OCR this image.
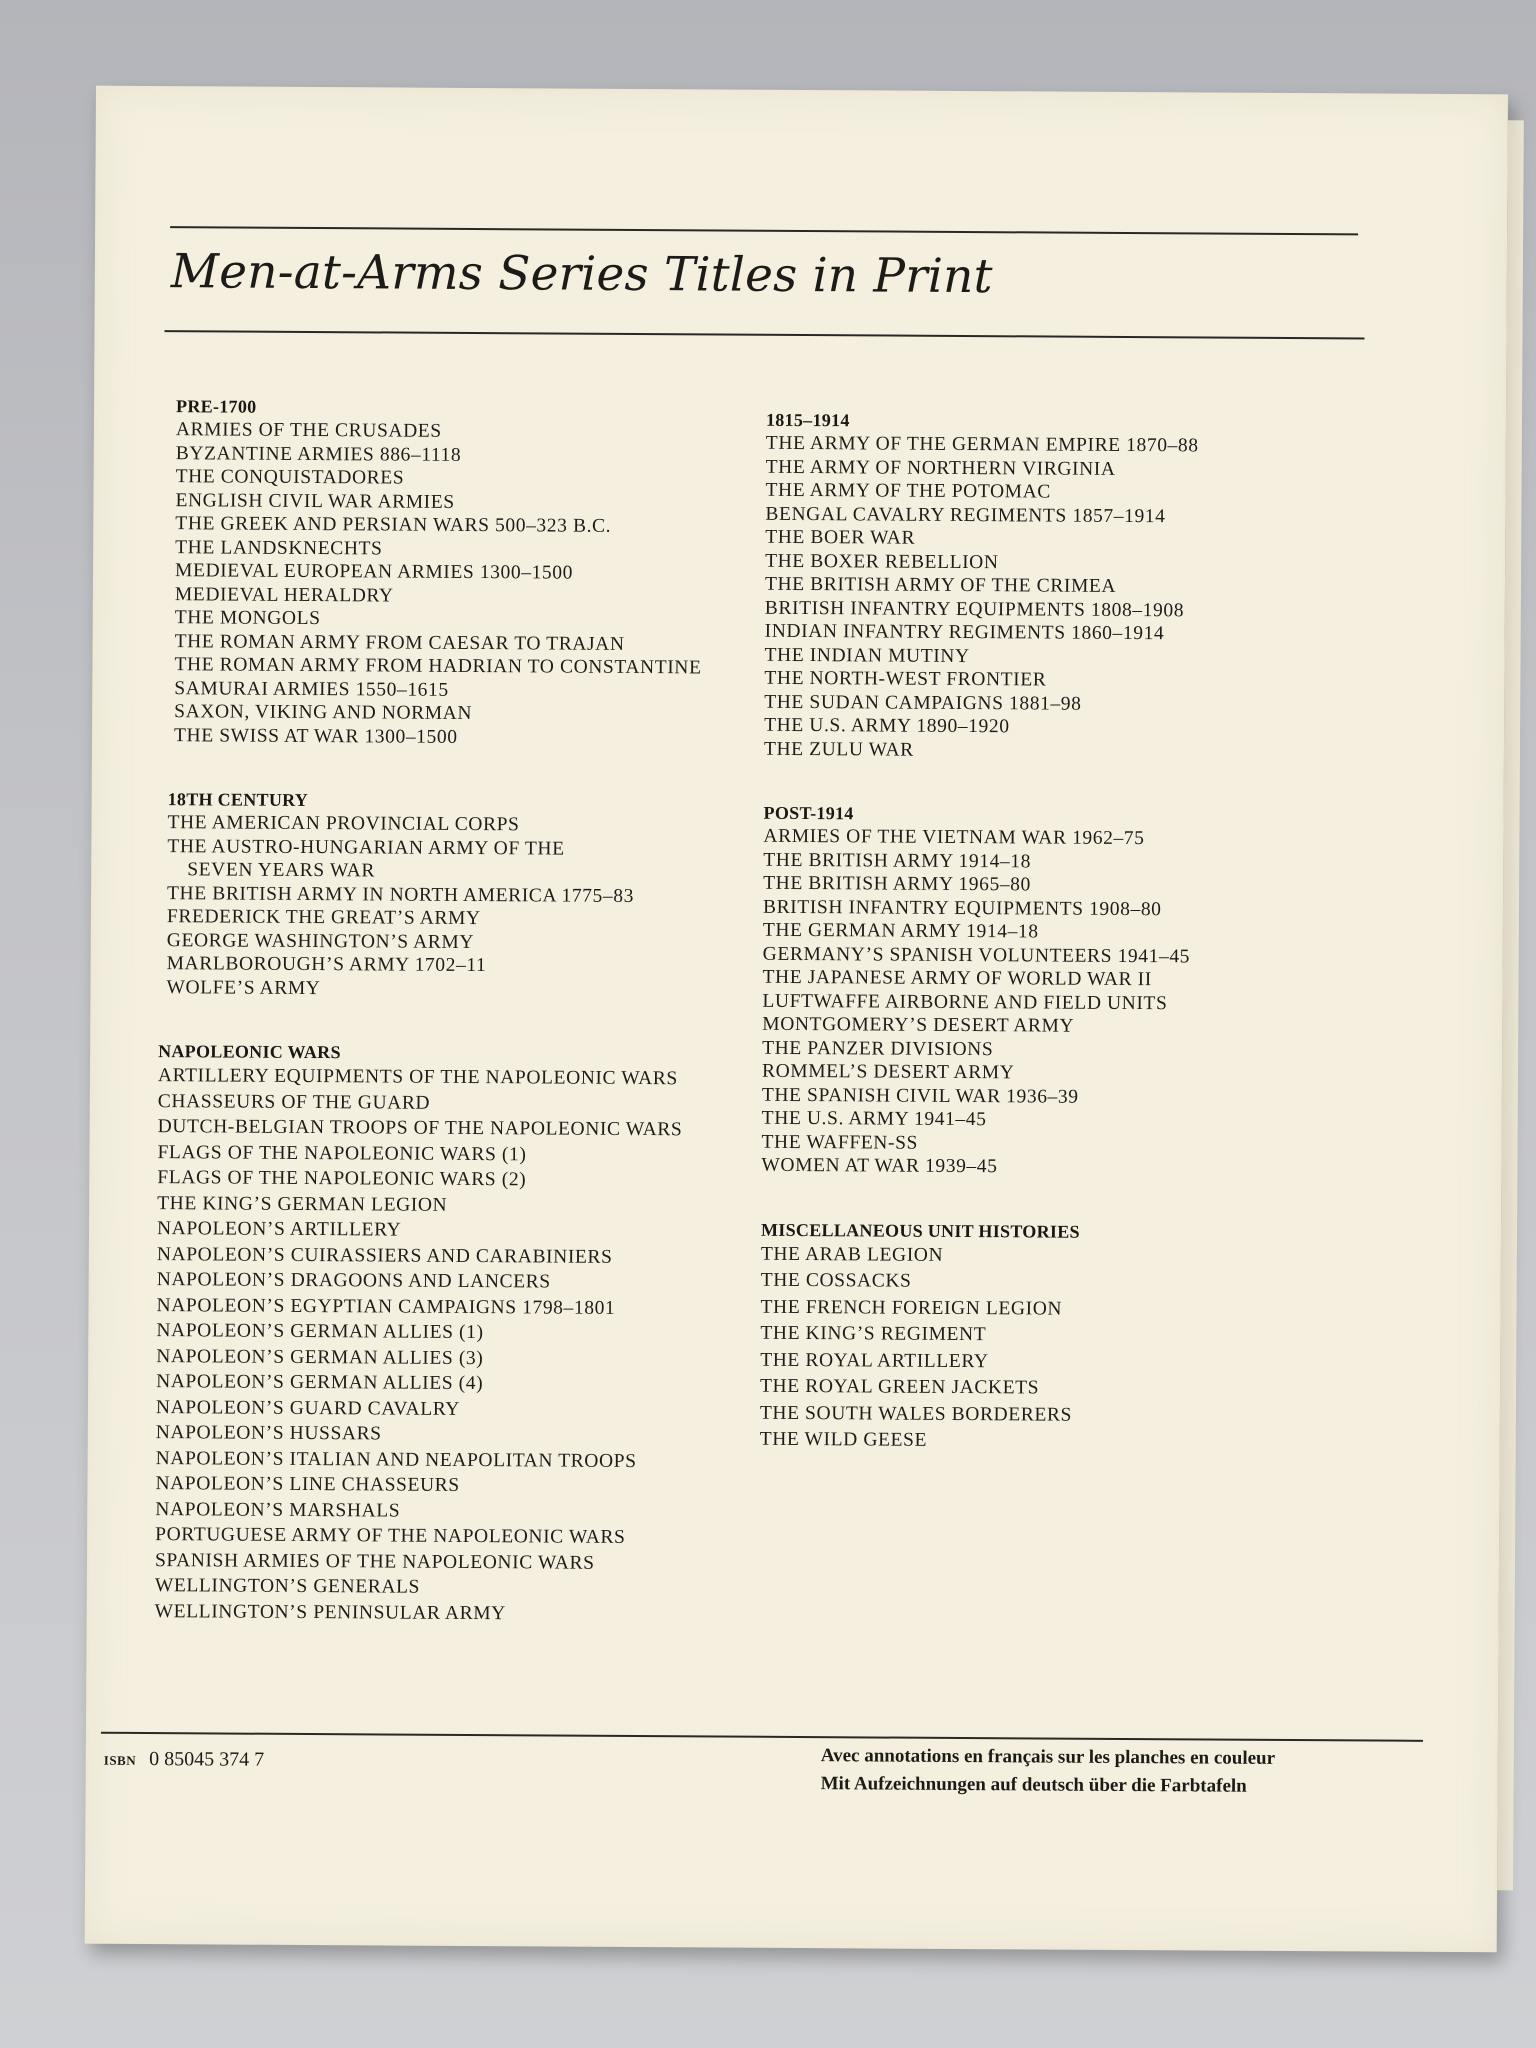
Men-at-Arms Series Titles in Print
PRE-1700
ARMIES OF THE CRUSADES
BYZANTINE ARMIES 886–1118
THE CONQUISTADORES
ENGLISH CIVIL WAR ARMIES
THE GREEK AND PERSIAN WARS 500–323 B.C.
THE LANDSKNECHTS
MEDIEVAL EUROPEAN ARMIES 1300–1500
MEDIEVAL HERALDRY
THE MONGOLS
THE ROMAN ARMY FROM CAESAR TO TRAJAN
THE ROMAN ARMY FROM HADRIAN TO CONSTANTINE
SAMURAI ARMIES 1550–1615
SAXON, VIKING AND NORMAN
THE SWISS AT WAR 1300–1500
18TH CENTURY
THE AMERICAN PROVINCIAL CORPS
THE AUSTRO-HUNGARIAN ARMY OF THE
SEVEN YEARS WAR
THE BRITISH ARMY IN NORTH AMERICA 1775–83
FREDERICK THE GREAT’S ARMY
GEORGE WASHINGTON’S ARMY
MARLBOROUGH’S ARMY 1702–11
WOLFE’S ARMY
NAPOLEONIC WARS
ARTILLERY EQUIPMENTS OF THE NAPOLEONIC WARS
CHASSEURS OF THE GUARD
DUTCH-BELGIAN TROOPS OF THE NAPOLEONIC WARS
FLAGS OF THE NAPOLEONIC WARS (1)
FLAGS OF THE NAPOLEONIC WARS (2)
THE KING’S GERMAN LEGION
NAPOLEON’S ARTILLERY
NAPOLEON’S CUIRASSIERS AND CARABINIERS
NAPOLEON’S DRAGOONS AND LANCERS
NAPOLEON’S EGYPTIAN CAMPAIGNS 1798–1801
NAPOLEON’S GERMAN ALLIES (1)
NAPOLEON’S GERMAN ALLIES (3)
NAPOLEON’S GERMAN ALLIES (4)
NAPOLEON’S GUARD CAVALRY
NAPOLEON’S HUSSARS
NAPOLEON’S ITALIAN AND NEAPOLITAN TROOPS
NAPOLEON’S LINE CHASSEURS
NAPOLEON’S MARSHALS
PORTUGUESE ARMY OF THE NAPOLEONIC WARS
SPANISH ARMIES OF THE NAPOLEONIC WARS
WELLINGTON’S GENERALS
WELLINGTON’S PENINSULAR ARMY
1815–1914
THE ARMY OF THE GERMAN EMPIRE 1870–88
THE ARMY OF NORTHERN VIRGINIA
THE ARMY OF THE POTOMAC
BENGAL CAVALRY REGIMENTS 1857–1914
THE BOER WAR
THE BOXER REBELLION
THE BRITISH ARMY OF THE CRIMEA
BRITISH INFANTRY EQUIPMENTS 1808–1908
INDIAN INFANTRY REGIMENTS 1860–1914
THE INDIAN MUTINY
THE NORTH-WEST FRONTIER
THE SUDAN CAMPAIGNS 1881–98
THE U.S. ARMY 1890–1920
THE ZULU WAR
POST-1914
ARMIES OF THE VIETNAM WAR 1962–75
THE BRITISH ARMY 1914–18
THE BRITISH ARMY 1965–80
BRITISH INFANTRY EQUIPMENTS 1908–80
THE GERMAN ARMY 1914–18
GERMANY’S SPANISH VOLUNTEERS 1941–45
THE JAPANESE ARMY OF WORLD WAR II
LUFTWAFFE AIRBORNE AND FIELD UNITS
MONTGOMERY’S DESERT ARMY
THE PANZER DIVISIONS
ROMMEL’S DESERT ARMY
THE SPANISH CIVIL WAR 1936–39
THE U.S. ARMY 1941–45
THE WAFFEN-SS
WOMEN AT WAR 1939–45
MISCELLANEOUS UNIT HISTORIES
THE ARAB LEGION
THE COSSACKS
THE FRENCH FOREIGN LEGION
THE KING’S REGIMENT
THE ROYAL ARTILLERY
THE ROYAL GREEN JACKETS
THE SOUTH WALES BORDERERS
THE WILD GEESE
ISBN 0 85045 374 7	Avec annotations en français sur les planches en couleur
Mit Aufzeichnungen auf deutsch über die Farbtafeln
